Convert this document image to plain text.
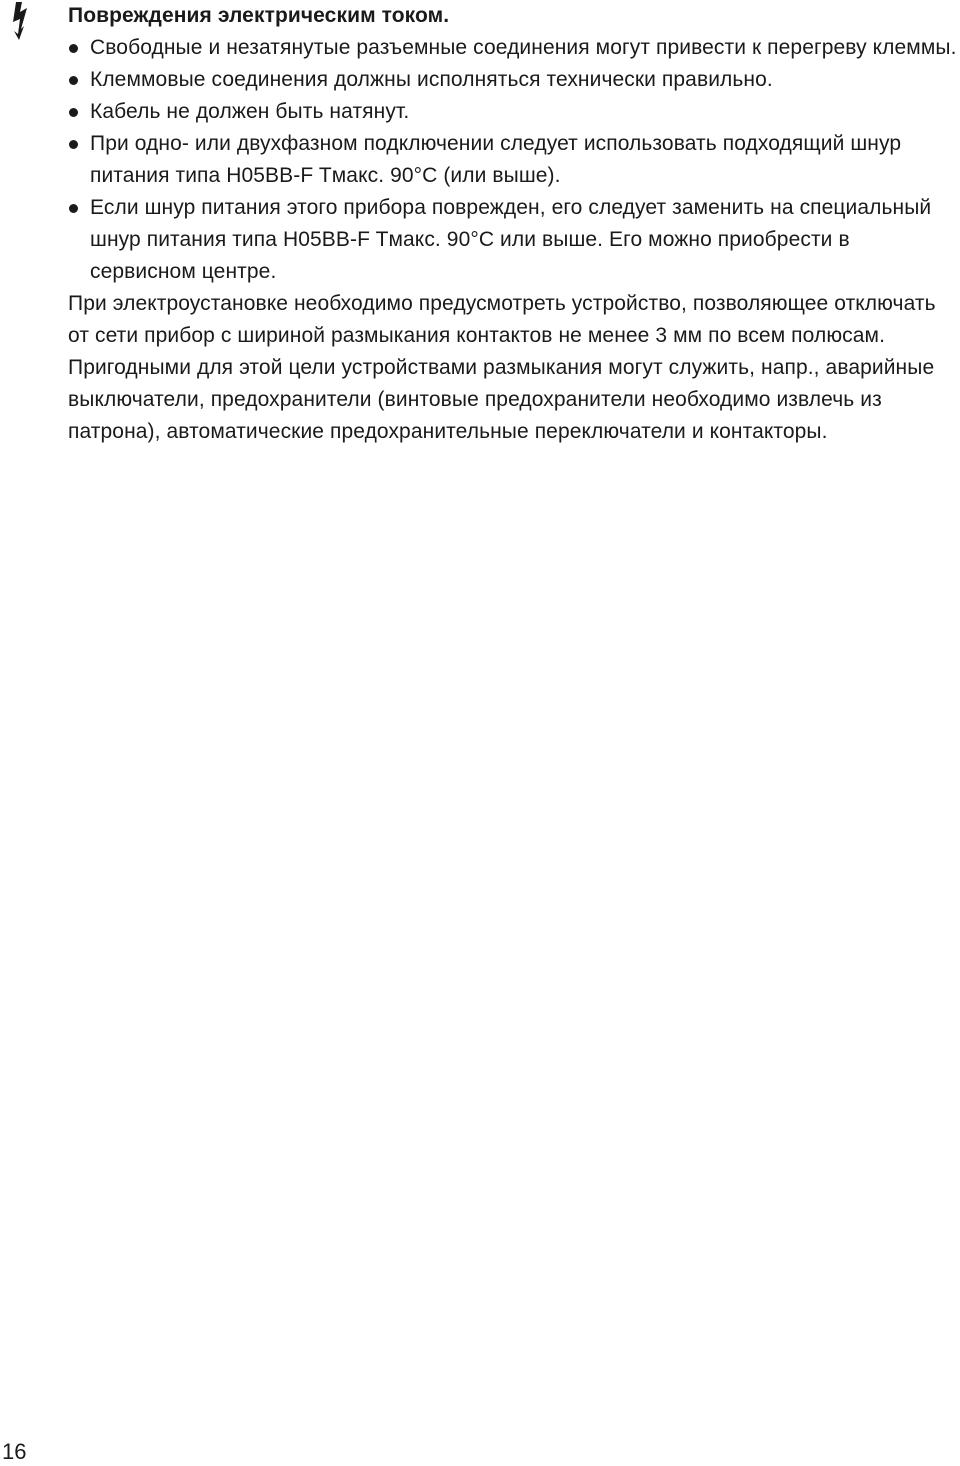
Повреждения электрическим током.

Свободные и незатянутые разъемные соединения могут привести к перегреву клеммы.
Клеммовые соединения должны исполняться технически правильно.
Кабель не должен быть натянут.
При одно- или двухфазном подключении следует использовать подходящий шнур питания типа H05BB-F Tмакс. 90°C (или выше).
Если шнур питания этого прибора поврежден, его следует заменить на специальный шнур питания типа H05BB-F Tмакс. 90°C или выше. Его можно приобрести в сервисном центре.

При электроустановке необходимо предусмотреть устройство, позволяющее отключать от сети прибор с шириной размыкания контактов не менее 3 мм по всем полюсам.

Пригодными для этой цели устройствами размыкания могут служить, напр., аварийные выключатели, предохранители (винтовые предохранители необходимо извлечь из патрона), автоматические предохранительные переключатели и контакторы.

16
